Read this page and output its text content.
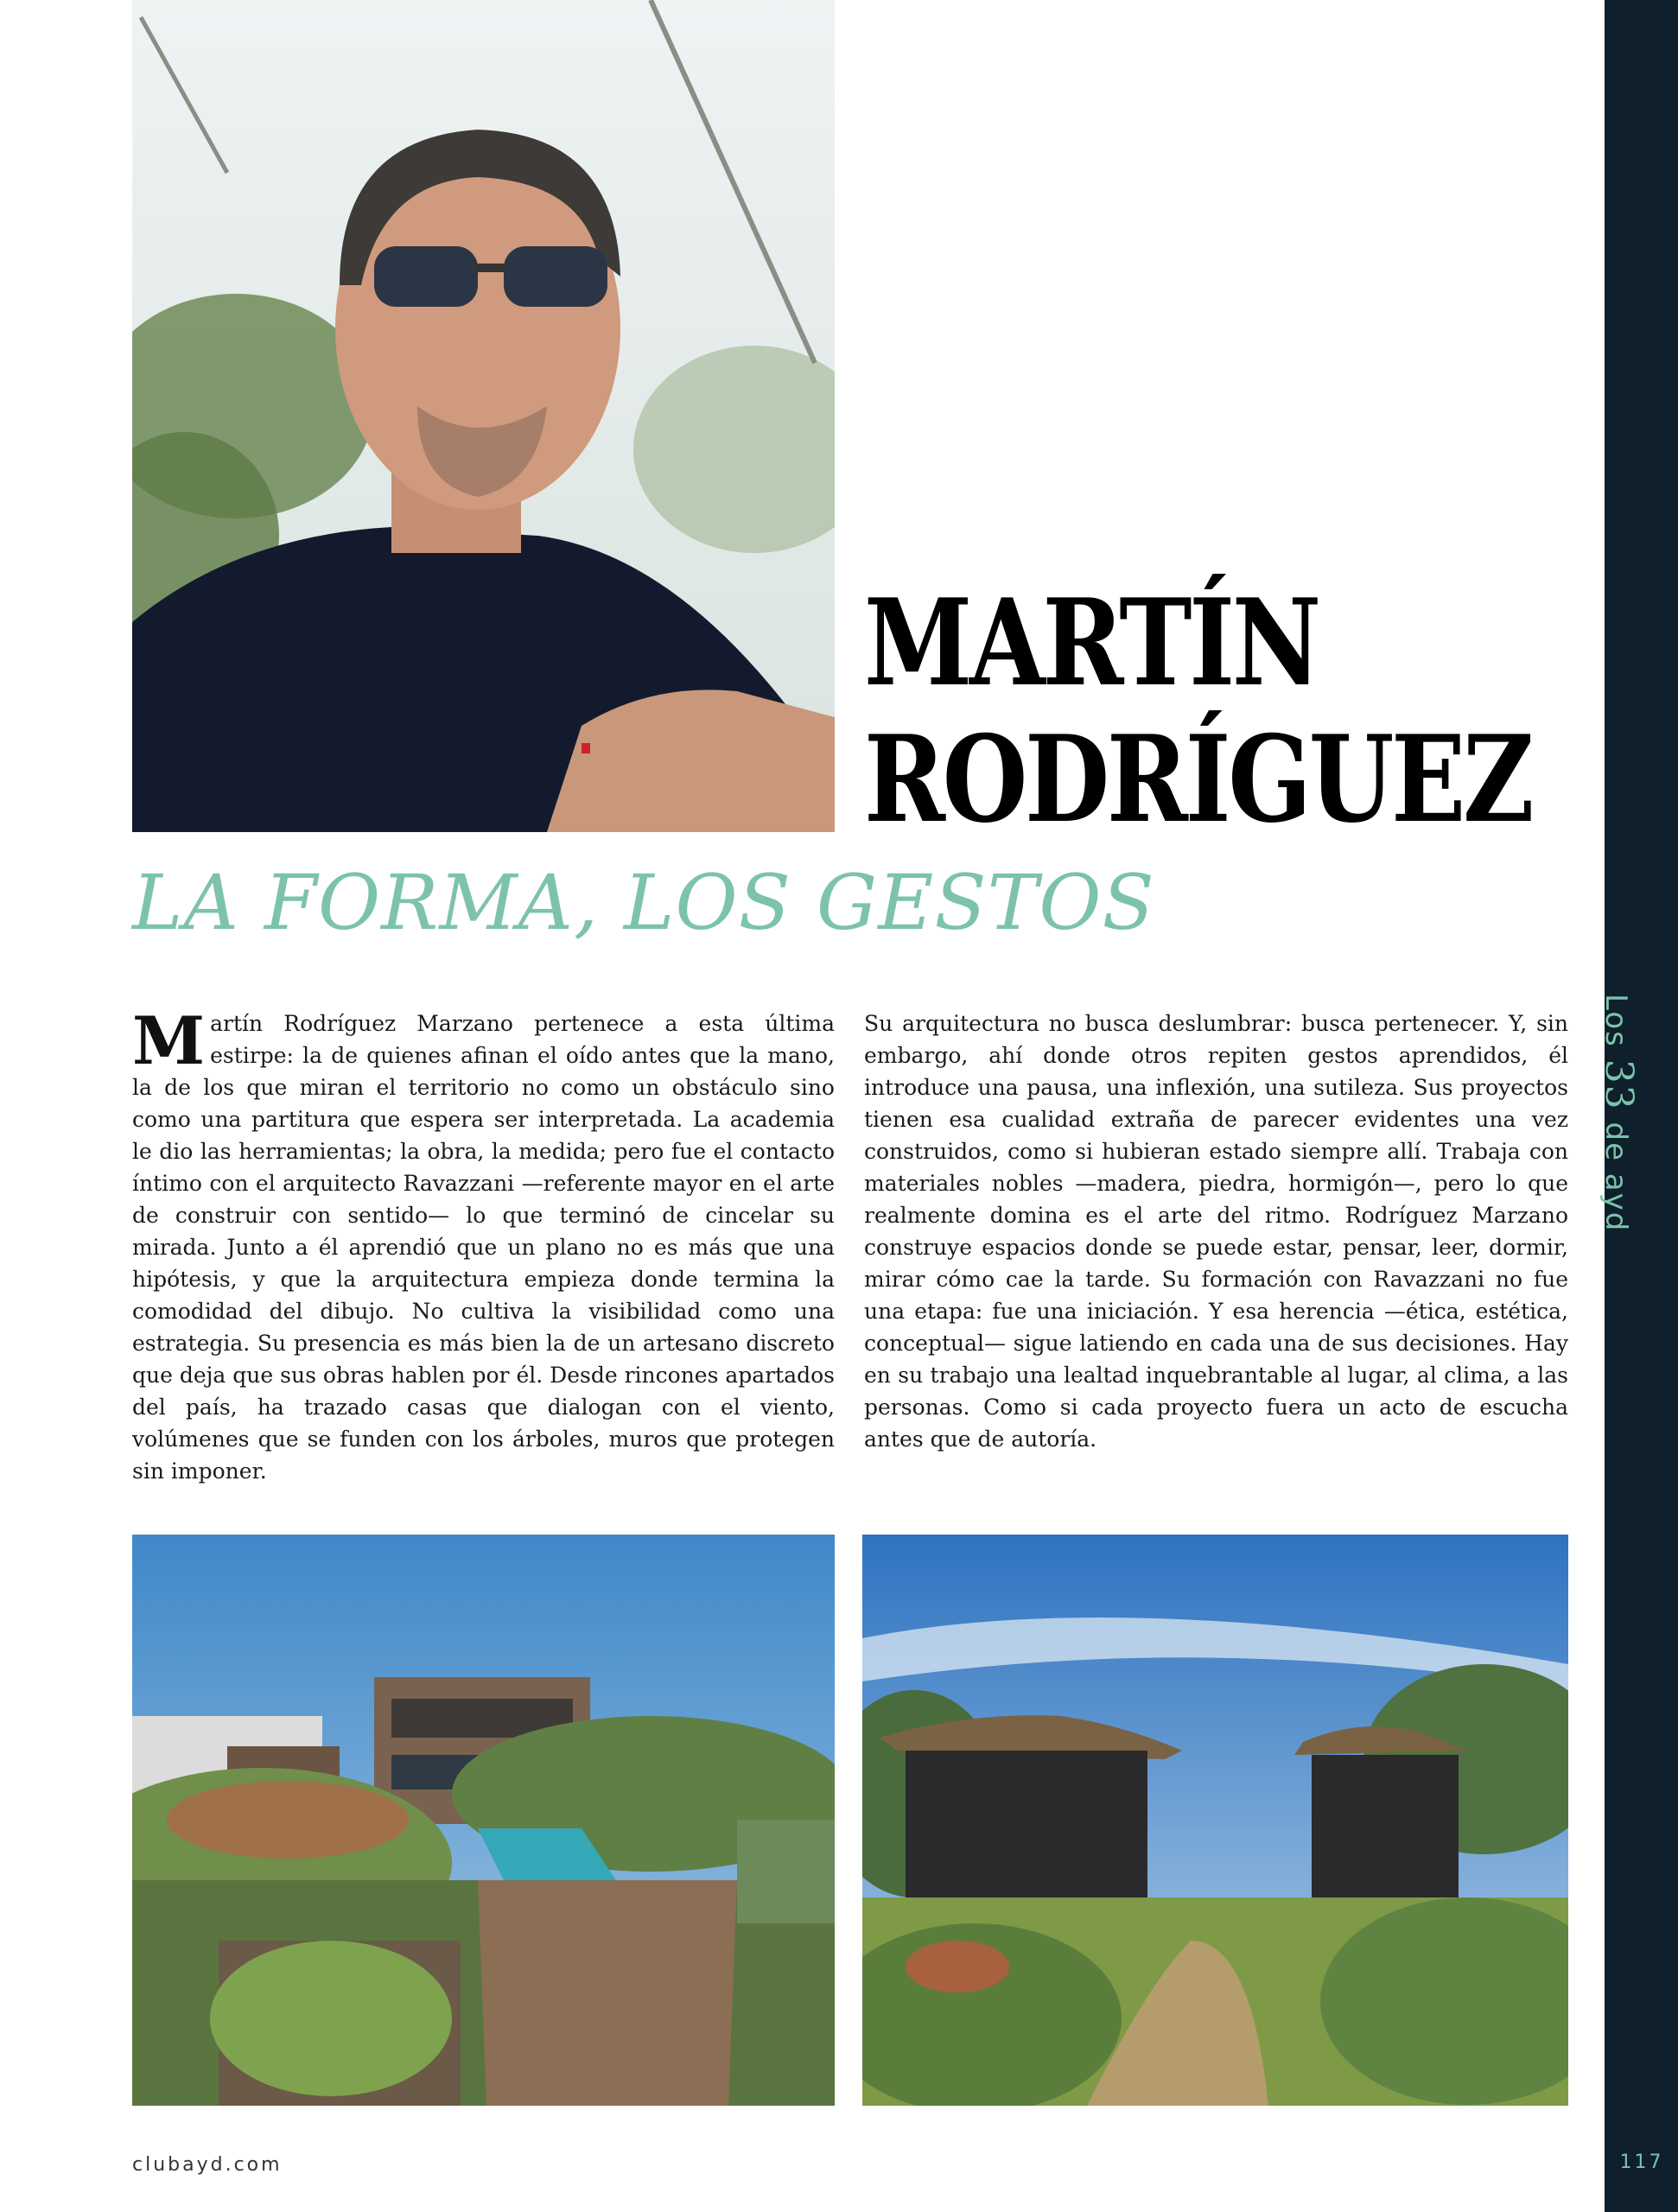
Los 33 de ayd
117
MARTÍN
RODRÍGUEZ
LA FORMA, LOS GESTOS

Martín Rodríguez Marzano pertenece a esta última estirpe: la de quienes afinan el oído antes que la mano, la de los que miran el territorio no como un obstáculo sino como una partitura que espera ser interpretada. La academia le dio las herramientas; la obra, la medida; pero fue el contacto íntimo con el arquitecto Ravazzani —referente mayor en el arte de construir con sentido— lo que terminó de cincelar su mirada. Junto a él aprendió que un plano no es más que una hipótesis, y que la arquitectura empieza donde termina la comodidad del dibujo. No cultiva la visibilidad como una estrategia. Su presencia es más bien la de un artesano discreto que deja que sus obras hablen por él. Desde rincones apartados del país, ha trazado casas que dialogan con el viento, volúmenes que se funden con los árboles, muros que protegen sin imponer.

Su arquitectura no busca deslumbrar: busca pertenecer. Y, sin embargo, ahí donde otros repiten gestos aprendidos, él introduce una pausa, una inflexión, una sutileza. Sus proyectos tienen esa cualidad extraña de parecer evidentes una vez construidos, como si hubieran estado siempre allí. Trabaja con materiales nobles —madera, piedra, hormigón—, pero lo que realmente domina es el arte del ritmo. Rodríguez Marzano construye espacios donde se puede estar, pensar, leer, dormir, mirar cómo cae la tarde. Su formación con Ravazzani no fue una etapa: fue una iniciación. Y esa herencia —ética, estética, conceptual— sigue latiendo en cada una de sus decisiones. Hay en su trabajo una lealtad inquebrantable al lugar, al clima, a las personas. Como si cada proyecto fuera un acto de escucha antes que de autoría.

clubayd.com
